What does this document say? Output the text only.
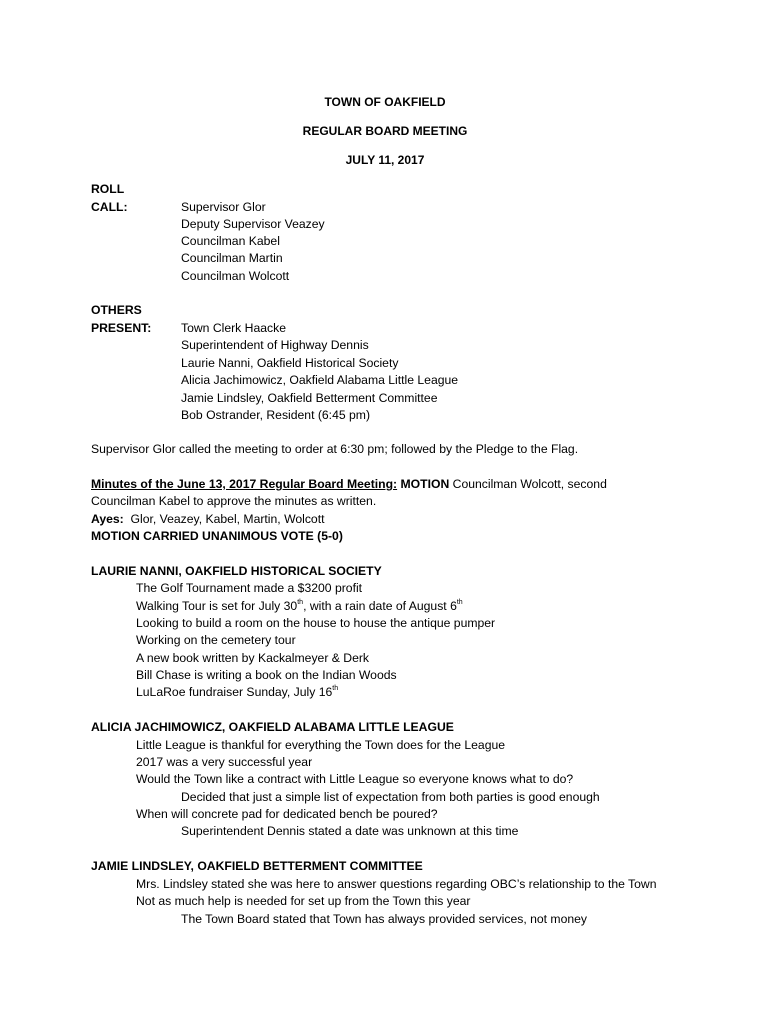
TOWN OF OAKFIELD
REGULAR BOARD MEETING
JULY 11, 2017
ROLL
CALL:	Supervisor Glor
Deputy Supervisor Veazey
Councilman Kabel
Councilman Martin
Councilman Wolcott
OTHERS
PRESENT: Town Clerk Haacke
Superintendent of Highway Dennis
Laurie Nanni, Oakfield Historical Society
Alicia Jachimowicz, Oakfield Alabama Little League
Jamie Lindsley, Oakfield Betterment Committee
Bob Ostrander, Resident (6:45 pm)
Supervisor Glor called the meeting to order at 6:30 pm; followed by the Pledge to the Flag.
Minutes of the June 13, 2017 Regular Board Meeting: MOTION Councilman Wolcott, second
Councilman Kabel to approve the minutes as written.
Ayes:  Glor, Veazey, Kabel, Martin, Wolcott
MOTION CARRIED UNANIMOUS VOTE (5-0)
LAURIE NANNI, OAKFIELD HISTORICAL SOCIETY
The Golf Tournament made a $3200 profit
Walking Tour is set for July 30th, with a rain date of August 6th
Looking to build a room on the house to house the antique pumper
Working on the cemetery tour
A new book written by Kackalmeyer & Derk
Bill Chase is writing a book on the Indian Woods
LuLaRoe fundraiser Sunday, July 16th
ALICIA JACHIMOWICZ, OAKFIELD ALABAMA LITTLE LEAGUE
Little League is thankful for everything the Town does for the League
2017 was a very successful year
Would the Town like a contract with Little League so everyone knows what to do?
Decided that just a simple list of expectation from both parties is good enough
When will concrete pad for dedicated bench be poured?
Superintendent Dennis stated a date was unknown at this time
JAMIE LINDSLEY, OAKFIELD BETTERMENT COMMITTEE
Mrs. Lindsley stated she was here to answer questions regarding OBC’s relationship to the Town
Not as much help is needed for set up from the Town this year
The Town Board stated that Town has always provided services, not money
